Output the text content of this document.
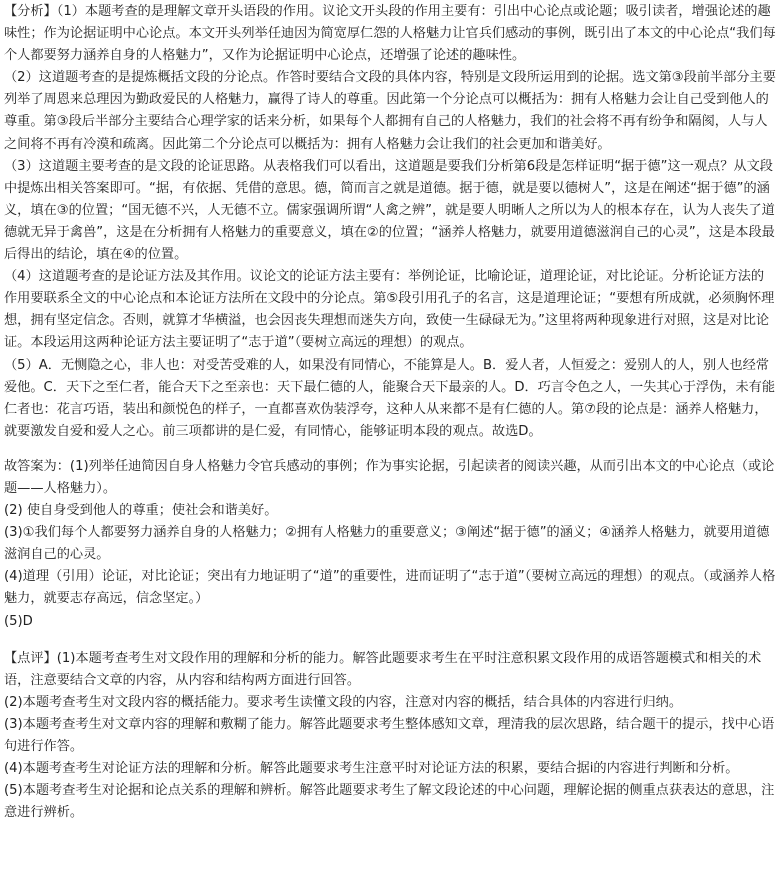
【分析】（1）本题考查的是理解文章开头语段的作用。议论文开头段的作用主要有：引出中心论点或论题；吸引读者，增强论述的趣味性；作为论据证明中心论点。本文开头列举任迪因为简宽厚仁怨的人格魅力让官兵们感动的事例，既引出了本文的中心论点“我们每个人都要努力涵养自身的人格魅力”，又作为论据证明中心论点，还增强了论述的趣味性。

（2）这道题考查的是提炼概括文段的分论点。作答时要结合文段的具体内容，特别是文段所运用到的论据。选文第③段前半部分主要列举了周恩来总理因为勤政爱民的人格魅力，赢得了诗人的尊重。因此第一个分论点可以概括为：拥有人格魅力会让自己受到他人的尊重。第③段后半部分主要结合心理学家的话来分析，如果每个人都拥有自己的人格魅力，我们的社会将不再有纷争和隔阂，人与人之间将不再有冷漠和疏离。因此第二个分论点可以概括为：拥有人格魅力会让我们的社会更加和谐美好。

（3）这道题主要考查的是文段的论证思路。从表格我们可以看出，这道题是要我们分析第6段是怎样证明“据于德”这一观点？从文段中提炼出相关答案即可。“据，有依据、凭借的意思。德，简而言之就是道德。据于德，就是要以德树人”，这是在阐述“据于德”的涵义，填在③的位置；“国无德不兴，人无德不立。儒家强调所谓“人禽之辨”，就是要人明晰人之所以为人的根本存在，认为人丧失了道德就无异于禽兽”，这是在分析拥有人格魅力的重要意义，填在②的位置；“涵养人格魅力，就要用道德滋润自己的心灵”，这是本段最后得出的结论，填在④的位置。

（4）这道题考查的是论证方法及其作用。议论文的论证方法主要有：举例论证，比喻论证，道理论证，对比论证。分析论证方法的作用要联系全文的中心论点和本论证方法所在文段中的分论点。第⑤段引用孔子的名言，这是道理论证；“要想有所成就，必须胸怀理想，拥有坚定信念。否则，就算才华横溢，也会因丧失理想而迷失方向，致使一生碌碌无为。”这里将两种现象进行对照，这是对比论证。本段运用这两种论证方法主要证明了“志于道”（要树立高远的理想）的观点。

（5）A．无恻隐之心，非人也：对受苦受难的人，如果没有同情心，不能算是人。B．爱人者，人恒爱之：爱别人的人，别人也经常爱他。C．天下之至仁者，能合天下之至亲也：天下最仁德的人，能聚合天下最亲的人。D．巧言令色之人，一失其心于浮伪，未有能仁者也：花言巧语，装出和颜悦色的样子，一直都喜欢伪装浮夸，这种人从来都不是有仁德的人。第⑦段的论点是：涵养人格魅力，就要激发自爱和爱人之心。前三项都讲的是仁爱，有同情心，能够证明本段的观点。故选D。

故答案为：(1)列举任迪简因自身人格魅力令官兵感动的事例；作为事实论据，引起读者的阅读兴趣，从而引出本文的中心论点（或论题——人格魅力）。

(2) 使自身受到他人的尊重；使社会和谐美好。

(3)①我们每个人都要努力涵养自身的人格魅力；②拥有人格魅力的重要意义；③阐述“据于德”的涵义；④涵养人格魅力，就要用道德滋润自己的心灵。

(4)道理（引用）论证，对比论证；突出有力地证明了“道”的重要性，进而证明了“志于道”（要树立高远的理想）的观点。（或涵养人格魅力，就要志存高远，信念坚定。）

(5)D

【点评】(1)本题考查考生对文段作用的理解和分析的能力。解答此题要求考生在平时注意积累文段作用的成语答题模式和相关的术语，注意要结合文章的内容，从内容和结构两方面进行回答。

(2)本题考查考生对文段内容的概括能力。要求考生读懂文段的内容，注意对内容的概括，结合具体的内容进行归纳。

(3)本题考查考生对文章内容的理解和敷糊了能力。解答此题要求考生整体感知文章，理清我的层次思路，结合题干的提示，找中心语句进行作答。

(4)本题考查考生对论证方法的理解和分析。解答此题要求考生注意平时对论证方法的积累，要结合据i的内容进行判断和分析。

(5)本题考查考生对论据和论点关系的理解和辨析。解答此题要求考生了解文段论述的中心问题，理解论据的侧重点获表达的意思，注意进行辨析。
